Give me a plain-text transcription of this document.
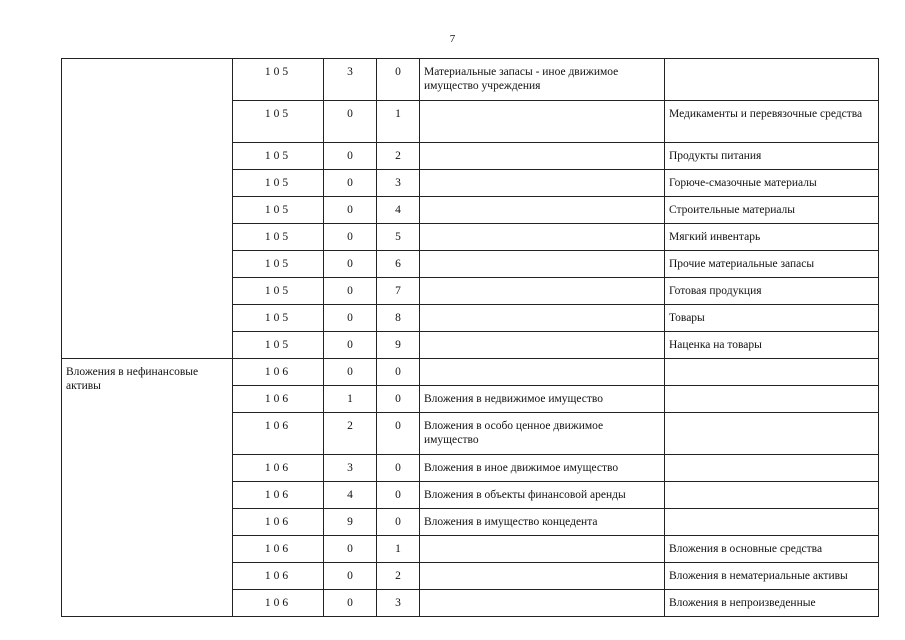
7
	105	3	0	Материальные запасы - иное движимое имущество учреждения	
	105	0	1		Медикаменты и перевязочные средства
	105	0	2		Продукты питания
	105	0	3		Горюче-смазочные материалы
	105	0	4		Строительные материалы
	105	0	5		Мягкий инвентарь
	105	0	6		Прочие материальные запасы
	105	0	7		Готовая продукция
	105	0	8		Товары
	105	0	9		Наценка на товары
Вложения в нефинансовые активы	106	0	0		
	106	1	0	Вложения в недвижимое имущество	
	106	2	0	Вложения в особо ценное движимое имущество	
	106	3	0	Вложения в иное движимое имущество	
	106	4	0	Вложения в объекты финансовой аренды	
	106	9	0	Вложения в имущество концедента	
	106	0	1		Вложения в основные средства
	106	0	2		Вложения в нематериальные активы
	106	0	3		Вложения в непроизведенные
